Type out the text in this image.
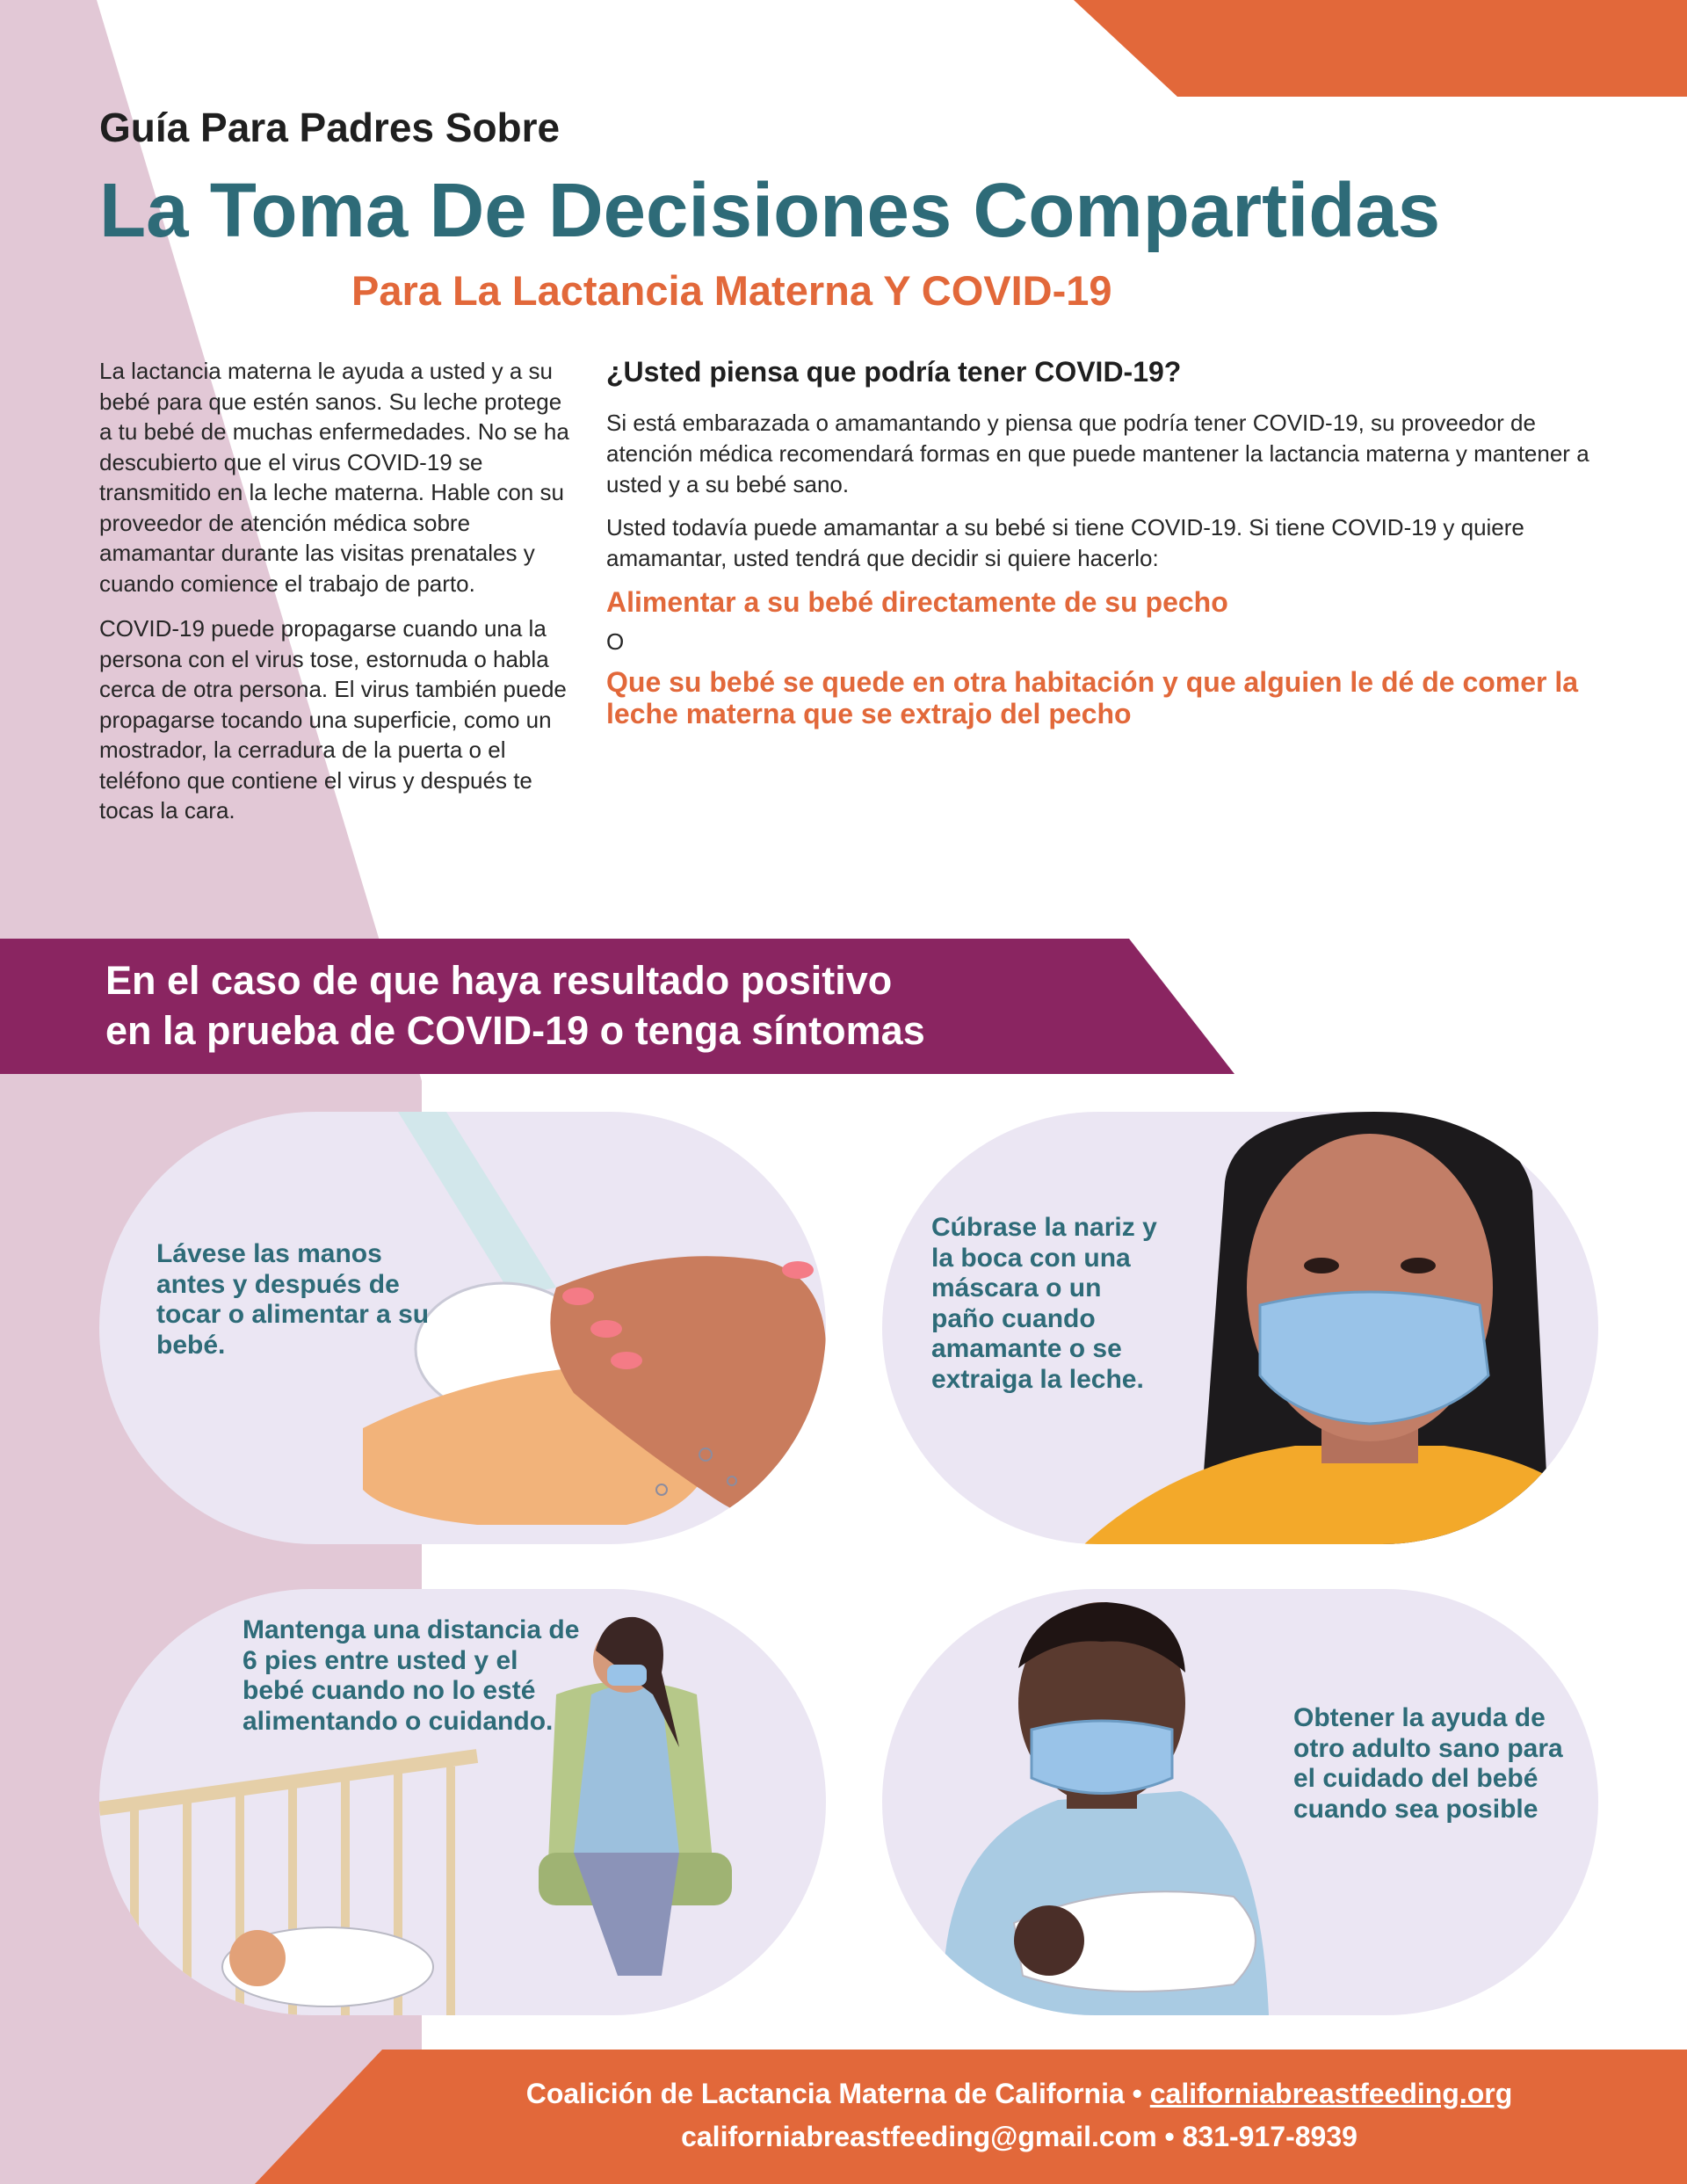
Guía Para Padres Sobre
La Toma De Decisiones Compartidas
Para La Lactancia Materna Y COVID-19

La lactancia materna le ayuda a usted y a su bebé para que estén sanos. Su leche protege a tu bebé de muchas enfermedades. No se ha descubierto que el virus COVID-19 se transmitido en la leche materna. Hable con su proveedor de atención médica sobre amamantar durante las visitas prenatales y cuando comience el trabajo de parto.

COVID-19 puede propagarse cuando una la persona con el virus tose, estornuda o habla cerca de otra persona. El virus también puede propagarse tocando una superficie, como un mostrador, la cerradura de la puerta o el teléfono que contiene el virus y después te tocas la cara.

¿Usted piensa que podría tener COVID-19?

Si está embarazada o amamantando y piensa que podría tener COVID-19, su proveedor de atención médica recomendará formas en que puede mantener la lactancia materna y mantener a usted y a su bebé sano.

Usted todavía puede amamantar a su bebé si tiene COVID-19. Si tiene COVID-19 y quiere amamantar, usted tendrá que decidir si quiere hacerlo:

Alimentar a su bebé directamente de su pecho

O

Que su bebé se quede en otra habitación y que alguien le dé de comer la leche materna que se extrajo del pecho

En el caso de que haya resultado positivo
en la prueba de COVID-19 o tenga síntomas

Lávese las manos antes y después de tocar o alimentar a su bebé.

Cúbrase la nariz y la boca con una máscara o un paño cuando amamante o se extraiga la leche.

Mantenga una distancia de 6 pies entre usted y el bebé cuando no lo esté alimentando o cuidando.	Obtener la ayuda de otro adulto sano para el cuidado del bebé cuando sea posible

Coalición de Lactancia Materna de California • californiabreastfeeding.org
californiabreastfeeding@gmail.com • 831-917-8939
